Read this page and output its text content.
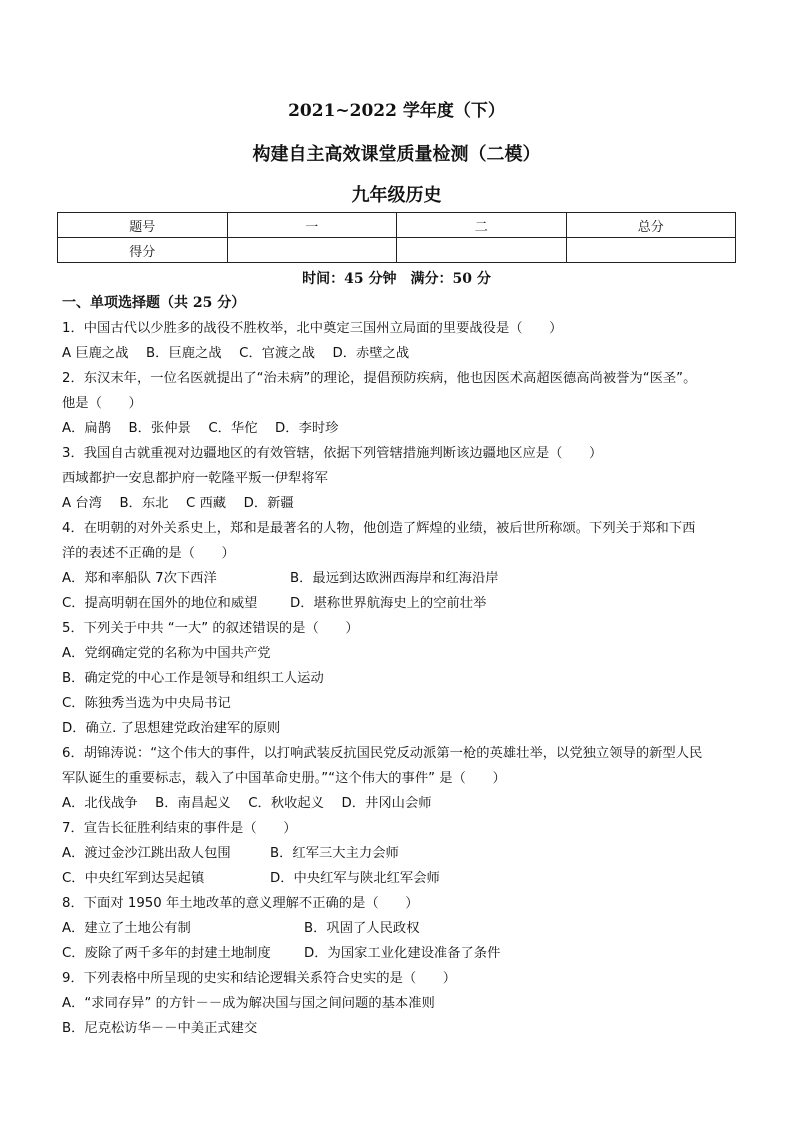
2021~2022 学年度（下）
构建自主高效课堂质量检测（二模）
九年级历史
题号	一	二	总分
得分			
时间：45 分钟　满分：50 分
一、单项选择题（共 25 分）
1．中国古代以少胜多的战役不胜枚举，北中奠定三国州立局面的里要战役是（　　）
A 巨鹿之战　 B．巨鹿之战　 C．官渡之战　 D．赤壁之战
2．东汉末年，一位名医就提出了“治未病”的理论，提倡预防疾病，他也因医术高超医德高尚被誉为“医圣”。
他是（　　）
A．扁鹊　 B．张仲景　 C．华佗　 D．李时珍
3．我国自古就重视对边疆地区的有效管辖，依据下列管辖措施判断该边疆地区应是（　　）
西域都护一安息都护府一乾隆平叛一伊犁将军
A 台湾　 B．东北　 C 西藏　 D．新疆
4．在明朝的对外关系史上，郑和是最著名的人物，他创造了辉煌的业绩，被后世所称颂。下列关于郑和下西
洋的表述不正确的是（　　）
A．郑和率船队 7次下西洋	B．最远到达欧洲西海岸和红海沿岸
C．提高明朝在国外的地位和威望 D．堪称世界航海史上的空前壮举
5．下列关于中共 “一大” 的叙述错误的是（　　）
A．党纲确定党的名称为中国共产党
B．确定党的中心工作是领导和组织工人运动
C．陈独秀当选为中央局书记
D．确立. 了思想建党政治建军的原则
6．胡锦涛说：“这个伟大的事件，以打响武装反抗国民党反动派第一枪的英雄壮举，以党独立领导的新型人民
军队诞生的重要标志，载入了中国革命史册。”“这个伟大的事件” 是（　　）
A．北伐战争　 B．南昌起义　 C．秋收起义　 D．井冈山会师
7．宣告长征胜利结束的事件是（　　）
A．渡过金沙江跳出敌人包围	B．红军三大主力会师
C．中央红军到达吴起镇	D．中央红军与陕北红军会师
8．下面对 1950 年土地改革的意义理解不正确的是（　　）
A．建立了土地公有制	B．巩固了人民政权
C．废除了两千多年的封建土地制度	D．为国家工业化建设准备了条件
9．下列表格中所呈现的史实和结论逻辑关系符合史实的是（　　）
A．“求同存异” 的方针－－成为解决国与国之间问题的基本准则
B．尼克松访华－－中美正式建交
